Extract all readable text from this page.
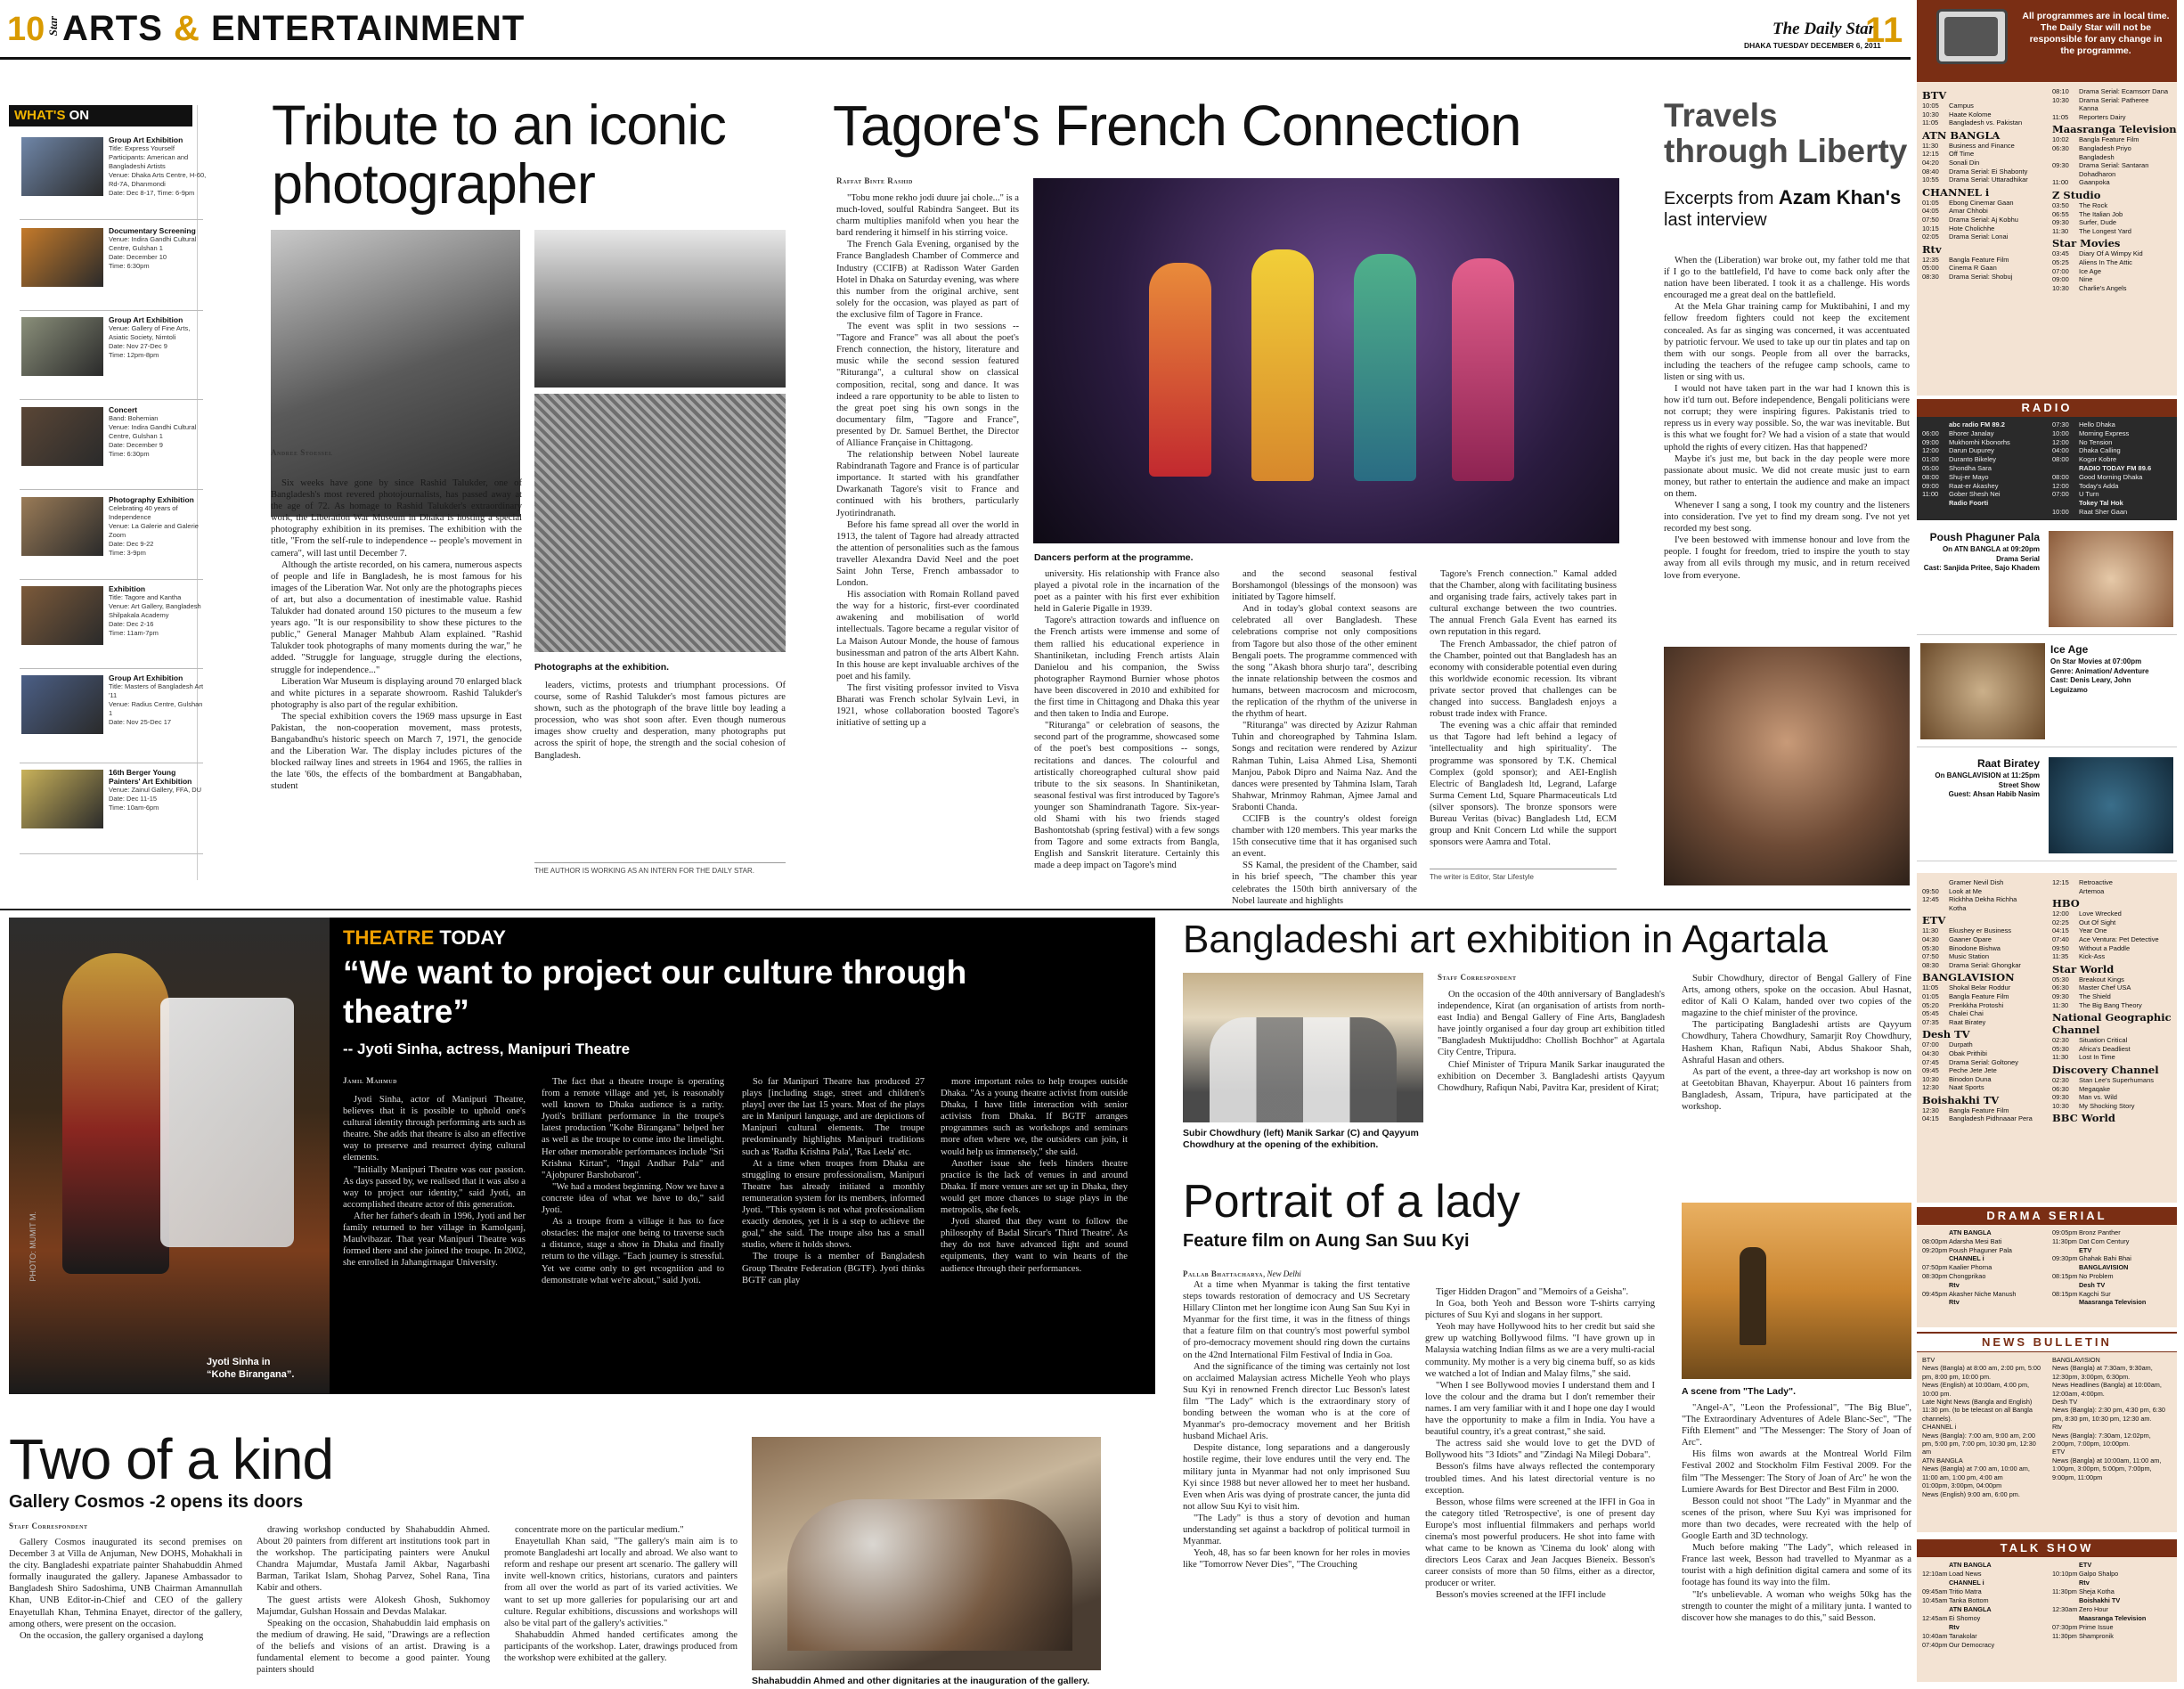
10 Star ARTS & ENTERTAINMENT	The Daily Star
DHAKA TUESDAY DECEMBER 6, 2011
11
WHAT'S ON
Group Art Exhibition
Title: Express Yourself
Participants: American and Bangladeshi Artists
Venue: Dhaka Arts Centre, H-60, Rd-7A, Dhanmondi
Date: Dec 8-17, Time: 6-9pm
Documentary Screening
Venue: Indira Gandhi Cultural Centre, Gulshan 1
Date: December 10
Time: 6:30pm
Group Art Exhibition
Venue: Gallery of Fine Arts, Asiatic Society, Nimtoli
Date: Nov 27-Dec 9
Time: 12pm-8pm
Concert
Band: Bohemian
Venue: Indira Gandhi Cultural Centre, Gulshan 1
Date: December 9
Time: 6:30pm
Photography Exhibition
Celebrating 40 years of Independence
Venue: La Galerie and Galerie Zoom
Date: Dec 9-22
Time: 3-9pm
Exhibition
Title: Tagore and Kantha
Venue: Art Gallery, Bangladesh Shilpakala Academy
Date: Dec 2-16
Time: 11am-7pm
Group Art Exhibition
Title: Masters of Bangladesh Art '11
Venue: Radius Centre, Gulshan 1
Date: Nov 25-Dec 17
16th Berger Young Painters' Art Exhibition
Venue: Zainul Gallery, FFA, DU
Date: Dec 11-15
Time: 10am-6pm
Tribute to an iconic photographer
Andree Stoessel

Six weeks have gone by since Rashid Talukder, one of Bangladesh's most revered photojournalists, has passed away at the age of 72. As homage to Rashid Talukder's extraordinary work, the Liberation War Museum in Dhaka is hosting a special photography exhibition in its premises. The exhibition with the title, "From the self-rule to independence -- people's movement in camera", will last until December 7.

Although the artiste recorded, on his camera, numerous aspects of people and life in Bangladesh, he is most famous for his images of the Liberation War. Not only are the photographs pieces of art, but also a documentation of inestimable value. Rashid Talukder had donated around 150 pictures to the museum a few years ago. "It is our responsibility to show these pictures to the public," General Manager Mahbub Alam explained. "Rashid Talukder took photographs of many moments during the war," he added. "Struggle for language, struggle during the elections, struggle for independence..."

Liberation War Museum is displaying around 70 enlarged black and white pictures in a separate showroom. Rashid Talukder's photography is also part of the regular exhibition.

The special exhibition covers the 1969 mass upsurge in East Pakistan, the non-cooperation movement, mass protests, Bangabandhu's historic speech on March 7, 1971, the genocide and the Liberation War. The display includes pictures of the blocked railway lines and streets in 1964 and 1965, the rallies in the late '60s, the effects of the bombardment at Bangabhaban, student

Photographs at the exhibition.

leaders, victims, protests and triumphant processions. Of course, some of Rashid Talukder's most famous pictures are shown, such as the photograph of the brave little boy leading a procession, who was shot soon after. Even though numerous images show cruelty and desperation, many photographs put across the spirit of hope, the strength and the social cohesion of Bangladesh.

THE AUTHOR IS WORKING AS AN INTERN FOR THE DAILY STAR.
Tagore's French Connection
Raffat Binte Rashid

"Tobu mone rekho jodi duure jai chole..." is a much-loved, soulful Rabindra Sangeet. But its charm multiplies manifold when you hear the bard rendering it himself in his stirring voice.

The French Gala Evening, organised by the France Bangladesh Chamber of Commerce and Industry (CCIFB) at Radisson Water Garden Hotel in Dhaka on Saturday evening, was where this number from the original archive, sent solely for the occasion, was played as part of the exclusive film of Tagore in France.

The event was split in two sessions -- "Tagore and France" was all about the poet's French connection, the history, literature and music while the second session featured "Rituranga", a cultural show on classical composition, recital, song and dance. It was indeed a rare opportunity to be able to listen to the great poet sing his own songs in the documentary film, "Tagore and France", presented by Dr. Samuel Berthet, the Director of Alliance Française in Chittagong.

The relationship between Nobel laureate Rabindranath Tagore and France is of particular importance. It started with his grandfather Dwarkanath Tagore's visit to France and continued with his brothers, particularly Jyotirindranath.

Before his fame spread all over the world in 1913, the talent of Tagore had already attracted the attention of personalities such as the famous traveller Alexandra David Neel and the poet Saint John Terse, French ambassador to London.

His association with Romain Rolland paved the way for a historic, first-ever coordinated awakening and mobilisation of world intellectuals. Tagore became a regular visitor of La Maison Autour Monde, the house of famous businessman and patron of the arts Albert Kahn. In this house are kept invaluable archives of the poet and his family.

The first visiting professor invited to Visva Bharati was French scholar Sylvain Levi, in 1921, whose collaboration boosted Tagore's initiative of setting up a

Dancers perform at the programme.

university. His relationship with France also played a pivotal role in the incarnation of the poet as a painter with his first ever exhibition held in Galerie Pigalle in 1939.

Tagore's attraction towards and influence on the French artists were immense and some of them rallied his educational experience in Shantiniketan, including French artists Alain Danielou and his companion, the Swiss photographer Raymond Burnier whose photos have been discovered in 2010 and exhibited for the first time in Chittagong and Dhaka this year and then taken to India and Europe.

"Rituranga" or celebration of seasons, the second part of the programme, showcased some of the poet's best compositions -- songs, recitations and dances. The colourful and artistically choreographed cultural show paid tribute to the six seasons. In Shantiniketan, seasonal festival was first introduced by Tagore's younger son Shamindranath Tagore. Six-year-old Shami with his two friends staged Bashontotshab (spring festival) with a few songs from Tagore and some extracts from Bangla, English and Sanskrit literature. Certainly this made a deep impact on Tagore's mind

and the second seasonal festival Borshamongol (blessings of the monsoon) was initiated by Tagore himself.

And in today's global context seasons are celebrated all over Bangladesh. These celebrations comprise not only compositions from Tagore but also those of the other eminent Bengali poets. The programme commenced with the song "Akash bhora shurjo tara", describing the innate relationship between the cosmos and humans, between macrocosm and microcosm, the replication of the rhythm of the universe in the rhythm of heart.

"Rituranga" was directed by Azizur Rahman Tuhin and choreographed by Tahmina Islam. Songs and recitation were rendered by Azizur Rahman Tuhin, Laisa Ahmed Lisa, Shemonti Manjou, Pabok Dipro and Naima Naz. And the dances were presented by Tahmina Islam, Tarah Shahwar, Mrinmoy Rahman, Ajmee Jamal and Srabonti Chanda.

CCIFB is the country's oldest foreign chamber with 120 members. This year marks the 15th consecutive time that it has organised such an event.

SS Kamal, the president of the Chamber, said in his brief speech, "The chamber this year celebrates the 150th birth anniversary of the Nobel laureate and highlights

Tagore's French connection." Kamal added that the Chamber, along with facilitating business and organising trade fairs, actively takes part in cultural exchange between the two countries. The annual French Gala Event has earned its own reputation in this regard.

The French Ambassador, the chief patron of the Chamber, pointed out that Bangladesh has an economy with considerable potential even during this worldwide economic recession. Its vibrant private sector proved that challenges can be changed into success. Bangladesh enjoys a robust trade index with France.

The evening was a chic affair that reminded us that Tagore had left behind a legacy of 'intellectuality and high spirituality'. The programme was sponsored by T.K. Chemical Complex (gold sponsor); and AEI-English Electric of Bangladesh ltd, Legrand, Lafarge Surma Cement Ltd, Square Pharmaceuticals Ltd (silver sponsors). The bronze sponsors were Bureau Veritas (bivac) Bangladesh Ltd, ECM group and Knit Concern Ltd while the support sponsors were Aamra and Total.

The writer is Editor, Star Lifestyle
Travels through Liberty
Excerpts from Azam Khan's
last interview

When the (Liberation) war broke out, my father told me that if I go to the battlefield, I'd have to come back only after the nation have been liberated. I took it as a challenge. His words encouraged me a great deal on the battlefield.

At the Mela Ghar training camp for Muktibahini, I and my fellow freedom fighters could not keep the excitement concealed. As far as singing was concerned, it was accentuated by patriotic fervour. We used to take up our tin plates and tap on them with our songs. People from all over the barracks, including the teachers of the refugee camp schools, came to listen or sing with us.

I would not have taken part in the war had I known this is how it'd turn out. Before independence, Bengali politicians were not corrupt; they were inspiring figures. Pakistanis tried to repress us in every way possible. So, the war was inevitable. But is this what we fought for? We had a vision of a state that would uphold the rights of every citizen. Has that happened?

Maybe it's just me, but back in the day people were more passionate about music. We did not create music just to earn money, but rather to entertain the audience and make an impact on them.

Whenever I sang a song, I took my country and the listeners into consideration. I've yet to find my dream song. I've not yet recorded my best song.

I've been bestowed with immense honour and love from the people. I fought for freedom, tried to inspire the youth to stay away from all evils through my music, and in return received love from everyone.

PHOTO: MUMIT M.
Jyoti Sinha in
“Kohe Birangana”.
THEATRE TODAY
“We want to project our culture through theatre”
-- Jyoti Sinha, actress, Manipuri Theatre
Jamil Mahmud

Jyoti Sinha, actor of Manipuri Theatre, believes that it is possible to uphold one's cultural identity through performing arts such as theatre. She adds that theatre is also an effective way to preserve and resurrect dying cultural elements.

"Initially Manipuri Theatre was our passion. As days passed by, we realised that it was also a way to project our identity," said Jyoti, an accomplished theatre actor of this generation.

After her father's death in 1996, Jyoti and her family returned to her village in Kamolganj, Maulvibazar. That year Manipuri Theatre was formed there and she joined the troupe. In 2002, she enrolled in Jahangirnagar University.

The fact that a theatre troupe is operating from a remote village and yet, is reasonably well known to Dhaka audience is a rarity. Jyoti's brilliant performance in the troupe's latest production "Kohe Birangana" helped her as well as the troupe to come into the limelight. Her other memorable performances include "Sri Krishna Kirtan", "Ingal Andhar Pala" and "Ajobpurer Barshobaron".

"We had a modest beginning. Now we have a concrete idea of what we have to do," said Jyoti.

As a troupe from a village it has to face obstacles: the major one being to traverse such a distance, stage a show in Dhaka and finally return to the village. "Each journey is stressful. Yet we come only to get recognition and to demonstrate what we're about," said Jyoti.

So far Manipuri Theatre has produced 27 plays [including stage, street and children's plays] over the last 15 years. Most of the plays are in Manipuri language, and are depictions of Manipuri cultural elements. The troupe predominantly highlights Manipuri traditions such as 'Radha Krishna Pala', 'Ras Leela' etc.

At a time when troupes from Dhaka are struggling to ensure professionalism, Manipuri Theatre has already initiated a monthly remuneration system for its members, informed Jyoti. "This system is not what professionalism exactly denotes, yet it is a step to achieve the goal," she said. The troupe also has a small studio, where it holds shows.

The troupe is a member of Bangladesh Group Theatre Federation (BGTF). Jyoti thinks BGTF can play

more important roles to help troupes outside Dhaka. "As a young theatre activist from outside Dhaka, I have little interaction with senior activists from Dhaka. If BGTF arranges programmes such as workshops and seminars more often where we, the outsiders can join, it would help us immensely," she said.

Another issue she feels hinders theatre practice is the lack of venues in and around Dhaka. If more venues are set up in Dhaka, they would get more chances to stage plays in the metropolis, she feels.

Jyoti shared that they want to follow the philosophy of Badal Sircar's 'Third Theatre'. As they do not have advanced light and sound equipments, they want to win hearts of the audience through their performances.

Bangladeshi art exhibition in Agartala
Subir Chowdhury (left) Manik Sarkar (C) and Qayyum Chowdhury at the opening of the exhibition.
Staff Correspondent

On the occasion of the 40th anniversary of Bangladesh's independence, Kirat (an organisation of artists from north-east India) and Bengal Gallery of Fine Arts, Bangladesh have jointly organised a four day group art exhibition titled "Bangladesh Muktijuddho: Chollish Bochhor" at Agartala City Centre, Tripura.

Chief Minister of Tripura Manik Sarkar inaugurated the exhibition on December 3. Bangladeshi artists Qayyum Chowdhury, Rafiqun Nabi, Pavitra Kar, president of Kirat;

Subir Chowdhury, director of Bengal Gallery of Fine Arts, among others, spoke on the occasion. Abul Hasnat, editor of Kali O Kalam, handed over two copies of the magazine to the chief minister of the province.

The participating Bangladeshi artists are Qayyum Chowdhury, Tahera Chowdhury, Samarjit Roy Chowdhury, Hashem Khan, Rafiqun Nabi, Abdus Shakoor Shah, Ashraful Hasan and others.

As part of the event, a three-day art workshop is now on at Geetobitan Bhavan, Khayerpur. About 16 painters from Bangladesh, Assam, Tripura, have participated at the workshop.

Portrait of a lady
Feature film on Aung San Suu Kyi
Pallab Bhattacharya, New Delhi

At a time when Myanmar is taking the first tentative steps towards restoration of democracy and US Secretary Hillary Clinton met her longtime icon Aung San Suu Kyi in Myanmar for the first time, it was in the fitness of things that a feature film on that country's most powerful symbol of pro-democracy movement should ring down the curtains on the 42nd International Film Festival of India in Goa.

And the significance of the timing was certainly not lost on acclaimed Malaysian actress Michelle Yeoh who plays Suu Kyi in renowned French director Luc Besson's latest film "The Lady" which is the extraordinary story of bonding between the woman who is at the core of Myanmar's pro-democracy movement and her British husband Michael Aris.

Despite distance, long separations and a dangerously hostile regime, their love endures until the very end. The military junta in Myanmar had not only imprisoned Suu Kyi since 1988 but never allowed her to meet her husband. Even when Aris was dying of prostrate cancer, the junta did not allow Suu Kyi to visit him.

"The Lady" is thus a story of devotion and human understanding set against a backdrop of political turmoil in Myanmar.

Yeoh, 48, has so far been known for her roles in movies like "Tomorrow Never Dies", "The Crouching

Tiger Hidden Dragon" and "Memoirs of a Geisha".

In Goa, both Yeoh and Besson wore T-shirts carrying pictures of Suu Kyi and slogans in her support.

Yeoh may have Hollywood hits to her credit but said she grew up watching Bollywood films. "I have grown up in Malaysia watching Indian films as we are a very multi-racial community. My mother is a very big cinema buff, so as kids we watched a lot of Indian and Malay films," she said.

"When I see Bollywood movies I understand them and I love the colour and the drama but I don't remember their names. I am very familiar with it and I hope one day I would have the opportunity to make a film in India. You have a beautiful country, it's a great contrast," she said.

The actress said she would love to get the DVD of Bollywood hits "3 Idiots" and "Zindagi Na Milegi Dobara".

Besson's films have always reflected the contemporary troubled times. And his latest directorial venture is no exception.

Besson, whose films were screened at the IFFI in Goa in the category titled 'Retrospective', is one of present day Europe's most influential filmmakers and perhaps world cinema's most powerful producers. He shot into fame with what came to be known as 'Cinema du look' along with directors Leos Carax and Jean Jacques Bieneix. Besson's career consists of more than 50 films, either as a director, producer or writer.

Besson's movies screened at the IFFI include

A scene from "The Lady".

"Angel-A", "Leon the Professional", "The Big Blue", "The Extraordinary Adventures of Adele Blanc-Sec", "The Fifth Element" and "The Messenger: The Story of Joan of Arc".

His films won awards at the Montreal World Film Festival 2002 and Stockholm Film Festival 2009. For the film "The Messenger: The Story of Joan of Arc" he won the Lumiere Awards for Best Director and Best Film in 2000.

Besson could not shoot "The Lady" in Myanmar and the scenes of the prison, where Suu Kyi was imprisoned for more than two decades, were recreated with the help of Google Earth and 3D technology.

Much before making "The Lady", which released in France last week, Besson had travelled to Myanmar as a tourist with a high definition digital camera and some of its footage has found its way into the film.

"It's unbelievable. A woman who weighs 50kg has the strength to counter the might of a military junta. I wanted to discover how she manages to do this," said Besson.

Two of a kind
Gallery Cosmos -2 opens its doors
Staff Correspondent

Gallery Cosmos inaugurated its second premises on December 3 at Villa de Anjuman, New DOHS, Mohakhali in the city. Bangladeshi expatriate painter Shahabuddin Ahmed formally inaugurated the gallery. Japanese Ambassador to Bangladesh Shiro Sadoshima, UNB Chairman Amannullah Khan, UNB Editor-in-Chief and CEO of the gallery Enayetullah Khan, Tehmina Enayet, director of the gallery, among others, were present on the occasion.

On the occasion, the gallery organised a daylong

drawing workshop conducted by Shahabuddin Ahmed. About 20 painters from different art institutions took part in the workshop. The participating painters were Anukul Chandra Majumdar, Mustafa Jamil Akbar, Nagarbashi Barman, Tarikat Islam, Shohag Parvez, Sohel Rana, Tina Kabir and others.

The guest artists were Alokesh Ghosh, Sukhomoy Majumdar, Gulshan Hossain and Devdas Malakar.

Speaking on the occasion, Shahabuddin laid emphasis on the medium of drawing. He said, "Drawings are a reflection of the beliefs and visions of an artist. Drawing is a fundamental element to become a good painter. Young painters should

concentrate more on the particular medium."

Enayetullah Khan said, "The gallery's main aim is to promote Bangladeshi art locally and abroad. We also want to reform and reshape our present art scenario. The gallery will invite well-known critics, historians, curators and painters from all over the world as part of its varied activities. We want to set up more galleries for popularising our art and culture. Regular exhibitions, discussions and workshops will also be vital part of the gallery's activities."

Shahabuddin Ahmed handed certificates among the participants of the workshop. Later, drawings produced from the workshop were exhibited at the gallery.

Shahabuddin Ahmed and other dignitaries at the inauguration of the gallery.
All programmes are in local time. The Daily Star will not be responsible for any change in the programme.
BTV
10:05	Campus
10:30	Haate Kolome
11:05	Bangladesh vs. Pakistan
ATN BANGLA
11:30	Business and Finance
12:15	Off Time
04:20	Sonali Din
08:40	Drama Serial: Ei Shabonty
10:55	Drama Serial: Uttaradhikar
CHANNEL i
01:05	Ebong Cinemar Gaan
04:05	Amar Chhobi
07:50	Drama Serial: Aj Kobhu
10:15	Hote Cholichhe
02:05	Drama Serial: Lonai
Rtv
12:35	Bangla Feature Film
05:00	Cinema R Gaan
08:30	Drama Serial: Shobuj
08:10	Drama Serial: Ecamsorr Dana
10:30	Drama Serial: Patheree
Kanna
11:05	Reporters Dairy
Maasranga Television
10:02	Bangla Feature Film
06:30	Bangladesh Priyo
Bangladesh
09:30	Drama Serial: Santaran
Dohadharon
11:00	Gaanpoka
Z Studio
03:50	The Rock
06:55	The Italian Job
09:30	Surfer, Dude
11:30	The Longest Yard
Star Movies
03:45	Diary Of A Wimpy Kid
05:25	Aliens In The Attic
07:00	Ice Age
09:00	Nine
10:30	Charlie's Angels
RADIO
abc radio FM 89.2
06:00	Bhorer Janalay
09:00	Mukhomhi Kbonorhs
12:00	Darun Dupurey
01:00	Duranto Bikeley
05:00	Shondha Sara
08:00	Shuj-er Mayo
09:00	Raat-er Akashey
11:00	Gober Shesh Nei
Radio Foorti
07:30	Hello Dhaka
10:00	Morning Express
12:00	No Tension
04:00	Dhaka Calling
08:00	Kogor Kobre
RADIO TODAY FM 89.6
08:00	Good Morning Dhaka
12:00	Today's Adda
07:00	U Turn
Tokey Tal Hok
10:00	Raat Sher Gaan
Poush Phaguner Pala
On ATN BANGLA at 09:20pm
Drama Serial
Cast: Sanjida Pritee, Sajo Khadem
Ice Age
On Star Movies at 07:00pm
Genre: Animation/ Adventure
Cast: Denis Leary, John Leguizamo
Raat Biratey
On BANGLAVISION at 11:25pm
Street Show
Guest: Ahsan Habib Nasim
Gramer Nevil Dish
09:50	Look at Me
12:45	Rickhha Dekha Richha
Kotha
ETV
11:30	Ekushey er Business
04:30	Gaaner Opare
05:30	Binodone Bishwa
07:50	Music Station
08:30	Drama Serial: Ghongkar
BANGLAVISION
11:05	Shokal Belar Roddur
01:05	Bangla Feature Film
05:20	Prerikkha Protoshi
05:45	Chalei Chai
07:35	Raat Biratey
Desh TV
07:00	Durpath
04:30	Obak Prithibi
07:45	Drama Serial: Goltoney
09:45	Peche Jete Jete
10:30	Binodon Duna
12:30	Naat Sports
Boishakhi TV
12:30	Bangla Feature Film
04:15	Bangladesh Pidhnaaar Pera
12:15	Retroactive
Artemoa
HBO
12:00	Love Wrecked
02:25	Out Of Sight
04:15	Year One
07:40	Ace Ventura: Pet Detective
09:50	Without a Paddle
11:35	Kick-Ass
Star World
05:30	Breakout Kings
06:30	Master Chef USA
09:30	The Shield
11:30	The Big Bang Theory
National Geographic Channel
02:30	Situation Critical
05:30	Africa's Deadliest
11:30	Lost In Time
Discovery Channel
02:30	Stan Lee's Superhumans
06:30	Megaqake
09:30	Man vs. Wild
10:30	My Shocking Story
BBC World
DRAMA SERIAL
ATN BANGLA
08:00pm Adarsha Mesi Bati
09:20pm Poush Phaguner Pala
CHANNEL i
07:50pm Kaalier Phorna
08:30pm Chongprikao
Rtv
09:45pm Akasher Niche Manush
Rtv
09:05pm Bronz Panther
11:30pm Dat Com Century
ETV
09:30pm Ghahak Bahi Bhai
BANGLAVISION
08:15pm No Problem
Desh TV
08:15pm Kagchi Sur
Maasranga Television
NEWS BULLETIN
BTV
News (Bangla) at 8:00 am, 2:00 pm, 5:00 pm, 8:00 pm, 10:00 pm.
News (English) at 10:00am, 4:00 pm, 10:00 pm.
Late Night News (Bangla and English) 11:30 pm. (to be telecast on all Bangla channels).
CHANNEL i
News (Bangla): 7:00 am, 9:00 am, 2:00 pm, 5:00 pm, 7:00 pm, 10:30 pm, 12:30 am
ATN BANGLA
News (Bangla) at 7:00 am, 10:00 am, 11:00 am, 1:00 pm, 4:00 am
01:00pm, 3:00pm, 04:00pm
News (English) 9:00 am, 6:00 pm.
BANGLAVISION
News (Bangla) at 7:30am, 9:30am, 12:30pm, 3:00pm, 6:30pm.
News Headlines (Bangla) at 10:00am, 12:00am, 4:00pm.
Desh TV
News (Bangla): 2:30 pm, 4:30 pm, 6:30 pm, 8:30 pm, 10:30 pm, 12:30 am.
Rtv
News (Bangla): 7:30am, 12:02pm, 2:00pm, 7:00pm, 10:00pm.
ETV
News (Bangla) at 10:00am, 11:00 am, 1:00pm, 3:00pm, 5:00pm, 7:00pm, 9:00pm, 11:00pm
TALK SHOW
ATN BANGLA
12:10am Load News
CHANNEL i
09:45am Tritio Matra
10:45am Tanka Bottom
ATN BANGLA
12:45am Ei Shomoy
Rtv
10:40am Tanakolar
07:40pm Our Democracy
ETV
10:10pm Galpo Shalpo
Rtv
11:30pm Sheja Kotha
Boishakhi TV
12:30am Zero Hour
Maasranga Television
07:30pm Prime Issue
11:30pm Shampronik
